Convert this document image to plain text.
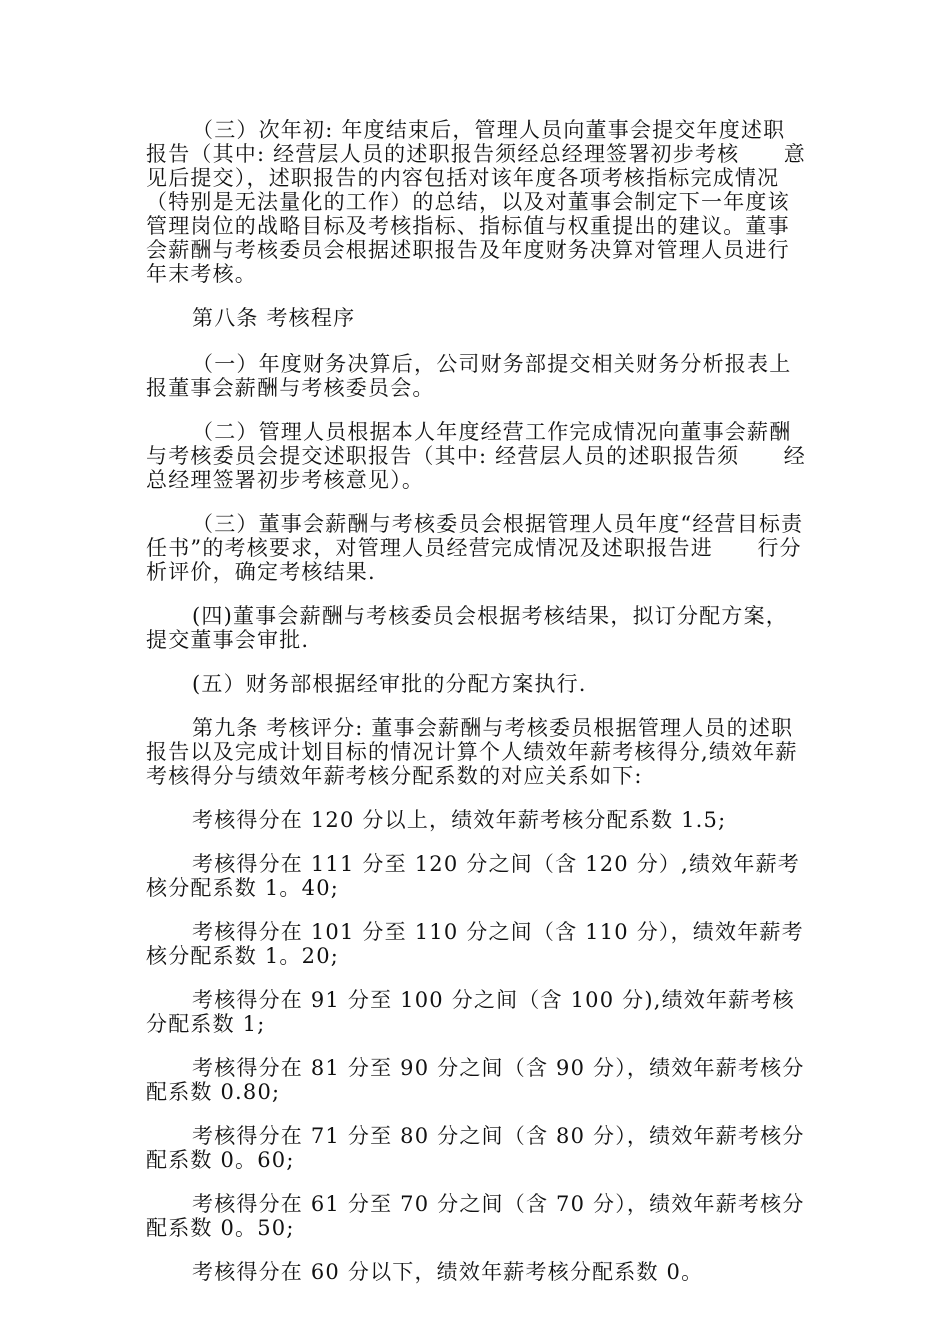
（三）次年初: 年度结束后，管理人员向董事会提交年度述职报告（其中: 经营层人员的述职报告须经总经理签署初步考核　　意见后提交），述职报告的内容包括对该年度各项考核指标完成情况（特别是无法量化的工作）的总结，以及对董事会制定下一年度该管理岗位的战略目标及考核指标、指标值与权重提出的建议。董事会薪酬与考核委员会根据述职报告及年度财务决算对管理人员进行年末考核。

第八条 考核程序

（一）年度财务决算后，公司财务部提交相关财务分析报表上报董事会薪酬与考核委员会。

（二）管理人员根据本人年度经营工作完成情况向董事会薪酬与考核委员会提交述职报告（其中: 经营层人员的述职报告须　　经总经理签署初步考核意见）。

（三）董事会薪酬与考核委员会根据管理人员年度“经营目标责任书”的考核要求，对管理人员经营完成情况及述职报告进　　行分析评价，确定考核结果.

(四)董事会薪酬与考核委员会根据考核结果，拟订分配方案，提交董事会审批.

(五）财务部根据经审批的分配方案执行.

第九条 考核评分: 董事会薪酬与考核委员根据管理人员的述职报告以及完成计划目标的情况计算个人绩效年薪考核得分,绩效年薪考核得分与绩效年薪考核分配系数的对应关系如下:

考核得分在 120 分以上，绩效年薪考核分配系数 1.5;

考核得分在 111 分至 120 分之间（含 120 分）,绩效年薪考核分配系数 1。40;

考核得分在 101 分至 110 分之间（含 110 分），绩效年薪考核分配系数 1。20;

考核得分在 91 分至 100 分之间（含 100 分),绩效年薪考核分配系数 1;

考核得分在 81 分至 90 分之间（含 90 分），绩效年薪考核分配系数 0.80;

考核得分在 71 分至 80 分之间（含 80 分），绩效年薪考核分配系数 0。60;

考核得分在 61 分至 70 分之间（含 70 分），绩效年薪考核分配系数 0。50;

考核得分在 60 分以下，绩效年薪考核分配系数 0。
